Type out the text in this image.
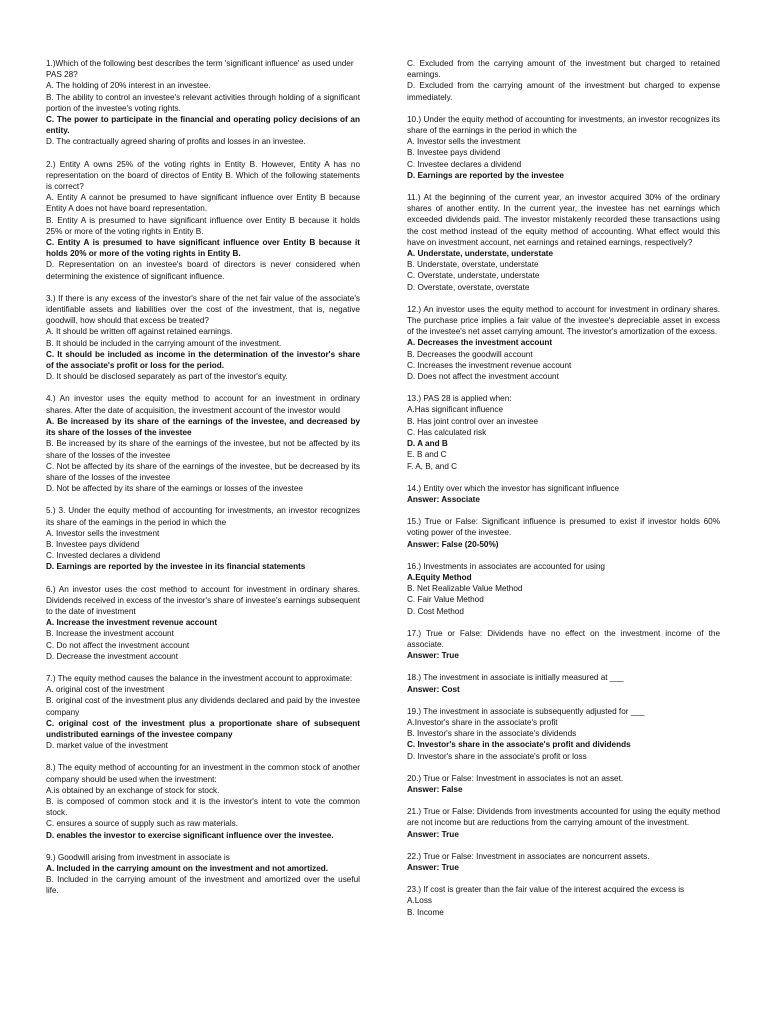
1.)Which of the following best describes the term 'significant influence' as used under
PAS 28?
A. The holding of 20% interest in an investee.
B. The ability to control an investee's relevant activities through holding of a significant portion of the investee's voting rights.
C. The power to participate in the financial and operating policy decisions of an entity.
D. The contractually agreed sharing of profits and losses in an investee.
2.) Entity A owns 25% of the voting rights in Entity B. However, Entity A has no representation on the board of directos of Entity B. Which of the following statements is correct?
A. Entity A cannot be presumed to have significant influence over Entity B because Entity A does not have board representation.
B. Entity A is presumed to have significant influence over Entity B because it holds 25% or more of the voting rights in Entity B.
C. Entity A is presumed to have significant influence over Entity B because it holds 20% or more of the voting rights in Entity B.
D. Representation on an investee's board of directors is never considered when determining the existence of significant influence.
3.) If there is any excess of the investor's share of the net fair value of the associate's identifiable assets and liabilities over the cost of the investment, that is, negative goodwill, how should that excess be treated?
A. It should be written off against retained earnings.
B. It should be included in the carrying amount of the investment.
C. It should be included as income in the determination of the investor's share of the associate's profit or loss for the period.
D. It should be disclosed separately as part of the investor's equity.
4.) An investor uses the equity method to account for an investment in ordinary shares. After the date of acquisition, the investment account of the investor would
A. Be increased by its share of the earnings of the investee, and decreased by its share of the losses of the investee
B. Be increased by its share of the earnings of the investee, but not be affected by its share of the losses of the investee
C. Not be affected by its share of the earnings of the investee, but be decreased by its share of the losses of the investee
D. Not be affected by its share of the earnings or losses of the investee
5.) 3. Under the equity method of accounting for investments, an investor recognizes its share of the earnings in the period in which the
A. Investor sells the investment
B. Investee pays dividend
C. Invested declares a dividend
D. Earnings are reported by the investee in its financial statements
6.) An investor uses the cost method to account for investment in ordinary shares. Dividends received in excess of the investor's share of investee's earnings subsequent to the date of investment
A. Increase the investment revenue account
B. Increase the investment account
C. Do not affect the investment account
D. Decrease the investment account
7.) The equity method causes the balance in the investment account to approximate:
A. original cost of the investment
B. original cost of the investment plus any dividends declared and paid by the investee company
C. original cost of the investment plus a proportionate share of subsequent undistributed earnings of the investee company
D. market value of the investment
8.) The equity method of accounting for an investment in the common stock of another company should be used when the investment:
A.is obtained by an exchange of stock for stock.
B. is composed of common stock and it is the investor's intent to vote the common stock.
C. ensures a source of supply such as raw materials.
D. enables the investor to exercise significant influence over the investee.
9.) Goodwill arising from investment in associate is
A. Included in the carrying amount on the investment and not amortized.
B. Included in the carrying amount of the investment and amortized over the useful life.
C. Excluded from the carrying amount of the investment but charged to retained earnings.
D. Excluded from the carrying amount of the investment but charged to expense immediately.
10.) Under the equity method of accounting for investments, an investor recognizes its share of the earnings in the period in which the
A. Investor sells the investment
B. Investee pays dividend
C. Investee declares a dividend
D. Earnings are reported by the investee
11.) At the beginning of the current year, an investor acquired 30% of the ordinary shares of another entity. In the current year, the investee has net earnings which exceeded dividends paid. The investor mistakenly recorded these transactions using the cost method instead of the equity method of accounting. What effect would this have on investment account, net earnings and retained earnings, respectively?
A. Understate, understate, understate
B. Understate, overstate, understate
C. Overstate, understate, understate
D. Overstate, overstate, overstate
12.) An investor uses the equity method to account for investment in ordinary shares. The purchase price implies a fair value of the investee's depreciable asset in excess of the investee's net asset carrying amount. The investor's amortization of the excess.
A. Decreases the investment account
B. Decreases the goodwill account
C. Increases the investment revenue account
D. Does not affect the investment account
13.) PAS 28 is applied when:
A.Has significant influence
B. Has joint control over an investee
C. Has calculated risk
D. A and B
E. B and C
F. A, B, and C
14.) Entity over which the investor has significant influence
Answer: Associate
15.) True or False: Significant influence is presumed to exist if investor holds 60% voting power of the investee.
Answer: False (20-50%)
16.) Investments in associates are accounted for using
A.Equity Method
B. Net Realizable Value Method
C. Fair Value Method
D. Cost Method
17.) True or False: Dividends have no effect on the investment income of the associate.
Answer: True
18.) The investment in associate is initially measured at ___
Answer: Cost
19.) The investment in associate is subsequently adjusted for ___
A.Investor's share in the associate's profit
B. Investor's share in the associate's dividends
C. Investor's share in the associate's profit and dividends
D. Investor's share in the associate's profit or loss
20.) True or False: Investment in associates is not an asset.
Answer: False
21.) True or False: Dividends from investments accounted for using the equity method are not income but are reductions from the carrying amount of the investment.
Answer: True
22.) True or False: Investment in associates are noncurrent assets.
Answer: True
23.) If cost is greater than the fair value of the interest acquired the excess is
A.Loss
B. Income
